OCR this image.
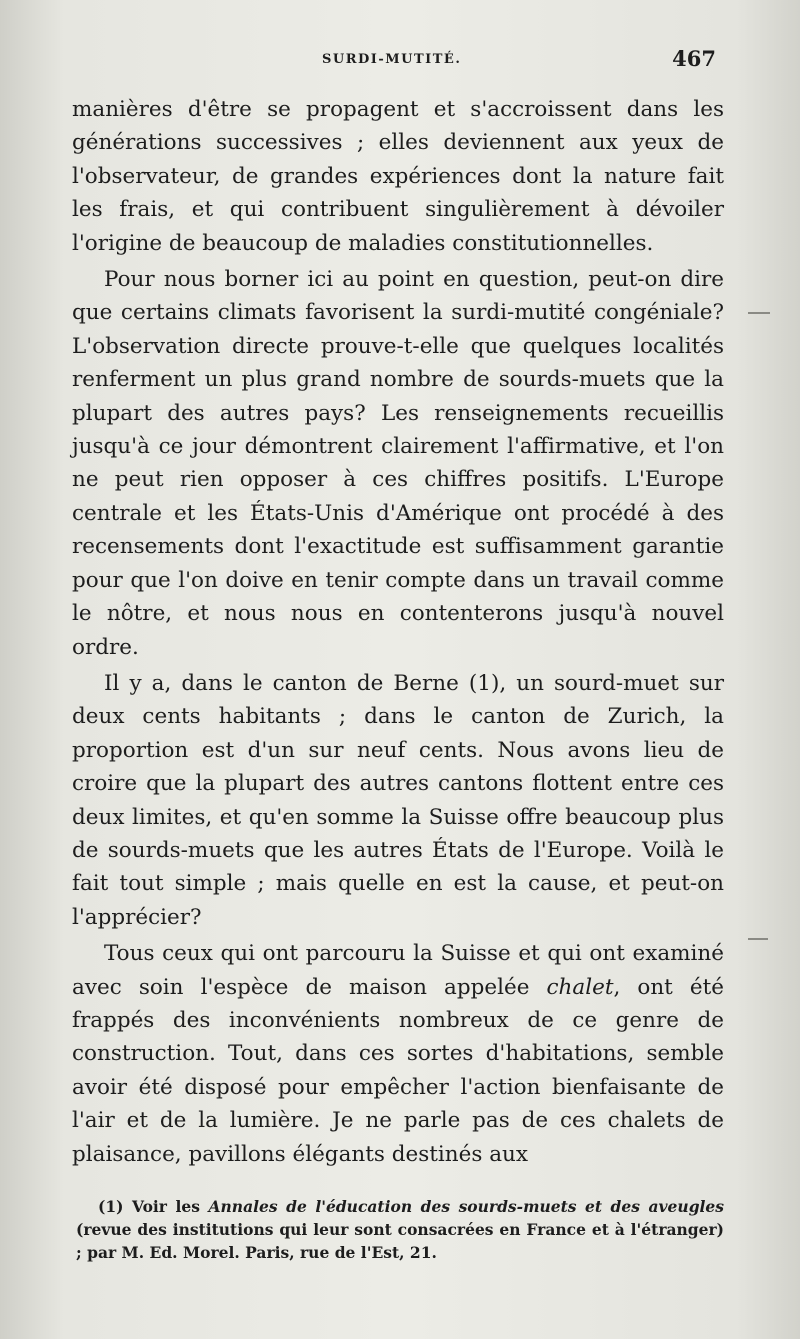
SURDI-MUTITÉ.	467

manières d'être se propagent et s'accroissent dans les générations successives ; elles deviennent aux yeux de l'observateur, de grandes expériences dont la nature fait les frais, et qui contribuent singulièrement à dévoiler l'origine de beaucoup de maladies constitutionnelles.

Pour nous borner ici au point en question, peut-on dire que certains climats favorisent la surdi-mutité congéniale? L'observation directe prouve-t-elle que quelques localités renferment un plus grand nombre de sourds-muets que la plupart des autres pays? Les renseignements recueillis jusqu'à ce jour démontrent clairement l'affirmative, et l'on ne peut rien opposer à ces chiffres positifs. L'Europe centrale et les États-Unis d'Amérique ont procédé à des recensements dont l'exactitude est suffisamment garantie pour que l'on doive en tenir compte dans un travail comme le nôtre, et nous nous en contenterons jusqu'à nouvel ordre.

Il y a, dans le canton de Berne (1), un sourd-muet sur deux cents habitants ; dans le canton de Zurich, la proportion est d'un sur neuf cents. Nous avons lieu de croire que la plupart des autres cantons flottent entre ces deux limites, et qu'en somme la Suisse offre beaucoup plus de sourds-muets que les autres États de l'Europe. Voilà le fait tout simple ; mais quelle en est la cause, et peut-on l'apprécier?

Tous ceux qui ont parcouru la Suisse et qui ont examiné avec soin l'espèce de maison appelée chalet, ont été frappés des inconvénients nombreux de ce genre de construction. Tout, dans ces sortes d'habitations, semble avoir été disposé pour empêcher l'action bienfaisante de l'air et de la lumière. Je ne parle pas de ces chalets de plaisance, pavillons élégants destinés aux

(1) Voir les Annales de l'éducation des sourds-muets et des aveugles (revue des institutions qui leur sont consacrées en France et à l'étranger) ; par M. Ed. Morel. Paris, rue de l'Est, 21.
